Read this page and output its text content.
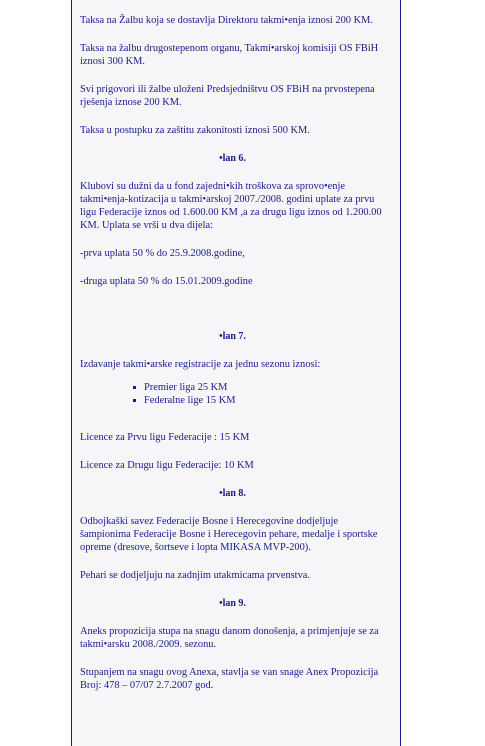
Taksa na Žalbu koja se dostavlja Direktoru takmi•enja iznosi 200 KM.

Taksa na žalbu drugostepenom organu, Takmi•arskoj komisiji OS FBiH iznosi 300 KM.

Svi prigovori ili žalbe uloženi Predsjedništvu OS FBiH na prvostepena rješenja iznose 200 KM.

Taksa u postupku za zaštitu zakonitosti iznosi 500 KM.

•lan 6.

Klubovi su dužni da u fond zajedni•kih troškova za sprovo•enje takmi•enja-kotizacija u takmi•arskoj 2007./2008. godini uplate za prvu ligu Federacije iznos od 1.600.00 KM ,a za drugu ligu iznos od 1.200.00 KM. Uplata se vrši u dva dijela:

-prva uplata 50 % do 25.9.2008.godine,

-druga uplata 50 % do 15.01.2009.godine

•lan 7.

Izdavanje takmi•arske registracije za jednu sezonu iznosi:

Premier liga 25 KM
Federalne lige 15 KM

Licence za Prvu ligu Federacije : 15 KM

Licence za Drugu ligu Federacije: 10 KM

•lan 8.

Odbojkaški savez Federacije Bosne i Herecegovine dodjeljuje šampionima Federacije Bosne i Herecegovin pehare, medalje i sportske opreme (dresove, šortseve i lopta MIKASA MVP-200).

Pehari se dodjeljuju na zadnjim utakmicama prvenstva.

•lan 9.

Aneks propozicija stupa na snagu danom donošenja, a primjenjuje se za takmi•arsku 2008./2009. sezonu.

Stupanjem na snagu ovog Anexa, stavlja se van snage Anex Propozicija Broj: 478 – 07/07 2.7.2007 god.
